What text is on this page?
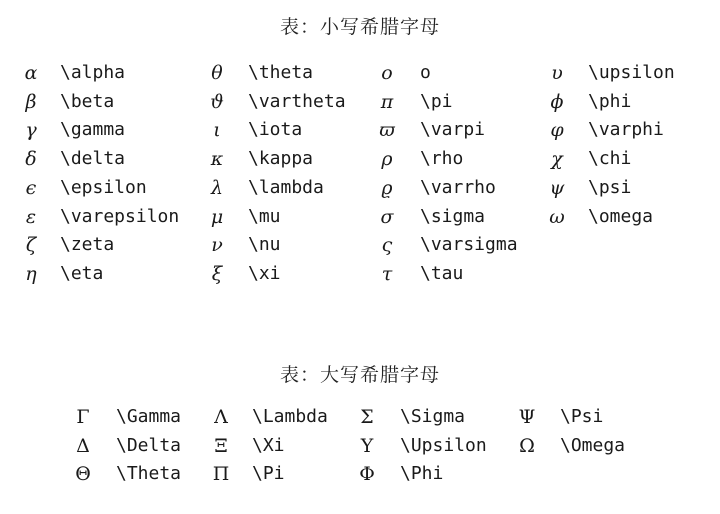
表：小写希腊字母
α \alpha	θ \theta	o o	υ \upsilon
β	\beta	ϑ \vartheta π \pi	ϕ \phi
γ \gamma	ι	\iota	ϖ \varpi	φ \varphi
δ \delta	κ \kappa	ρ	\rho	χ \chi
ϵ	\epsilon	λ \lambda	ϱ	\varrho	ψ \psi
ε	\varepsilon μ \mu	σ \sigma	ω \omega
ζ	\zeta	ν \nu	ς	\varsigma
η \eta	ξ	\xi	τ	\tau
表：大写希腊字母
Γ \Gamma Λ \Lambda Σ \Sigma	Ψ \Psi
Δ \Delta Ξ \Xi	Υ \Upsilon Ω \Omega
Θ \Theta Π \Pi	Φ \Phi
